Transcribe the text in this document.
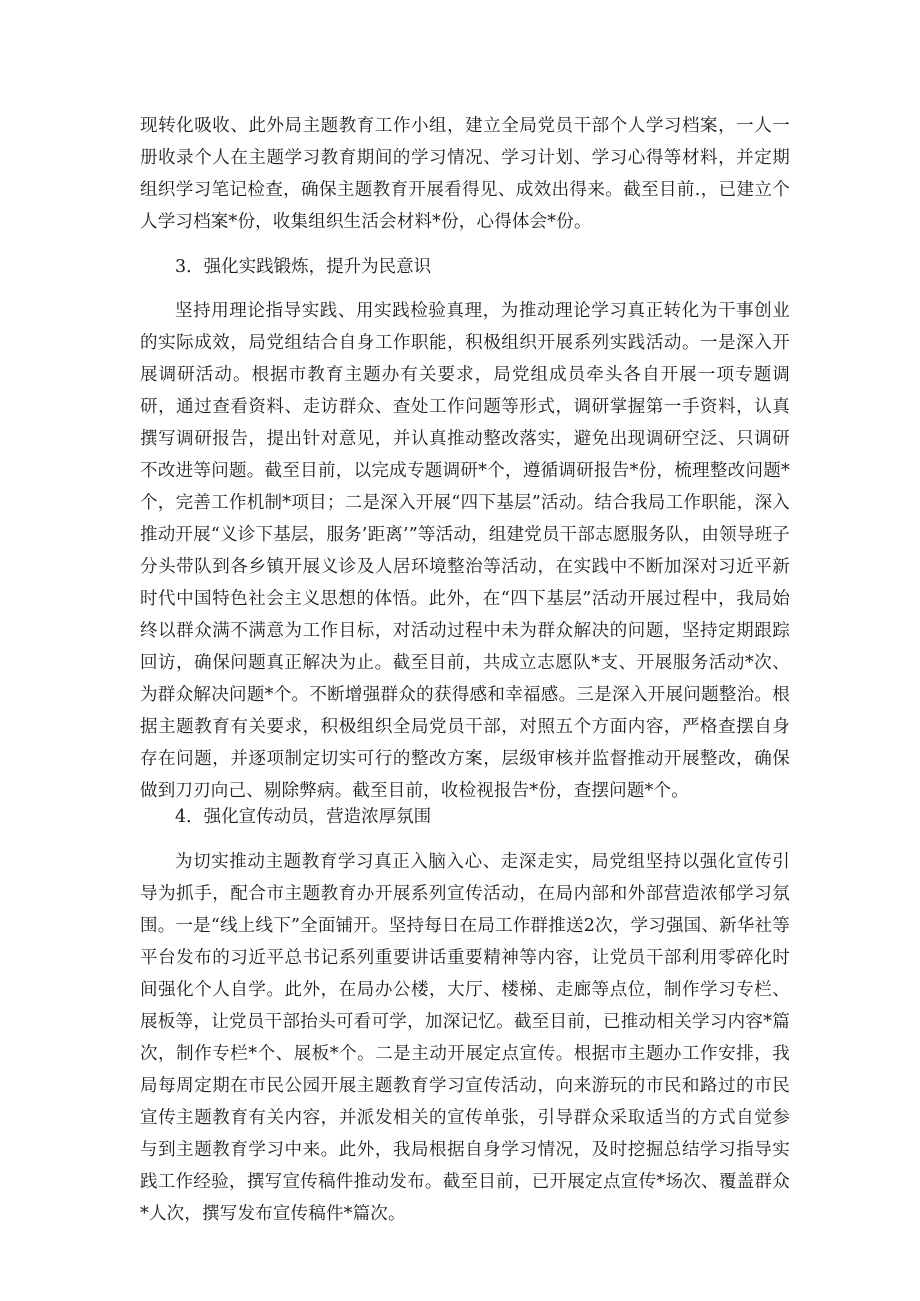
现转化吸收、此外局主题教育工作小组，建立全局党员干部个人学习档案，一人一册收录个人在主题学习教育期间的学习情况、学习计划、学习心得等材料，并定期组织学习笔记检查，确保主题教育开展看得见、成效出得来。截至目前.，已建立个人学习档案*份，收集组织生活会材料*份，心得体会*份。

3．强化实践锻炼，提升为民意识

坚持用理论指导实践、用实践检验真理，为推动理论学习真正转化为干事创业的实际成效，局党组结合自身工作职能，积极组织开展系列实践活动。一是深入开展调研活动。根据市教育主题办有关要求，局党组成员牵头各自开展一项专题调研，通过查看资料、走访群众、查处工作问题等形式，调研掌握第一手资料，认真撰写调研报告，提出针对意见，并认真推动整改落实，避免出现调研空泛、只调研不改进等问题。截至目前，以完成专题调研*个，遵循调研报告*份，梳理整改问题*个，完善工作机制*项目；二是深入开展“四下基层”活动。结合我局工作职能，深入推动开展“义诊下基层，服务’距离’”等活动，组建党员干部志愿服务队，由领导班子分头带队到各乡镇开展义诊及人居环境整治等活动，在实践中不断加深对习近平新时代中国特色社会主义思想的体悟。此外，在“四下基层”活动开展过程中，我局始终以群众满不满意为工作目标，对活动过程中未为群众解决的问题，坚持定期跟踪回访，确保问题真正解决为止。截至目前，共成立志愿队*支、开展服务活动*次、为群众解决问题*个。不断增强群众的获得感和幸福感。三是深入开展问题整治。根据主题教育有关要求，积极组织全局党员干部，对照五个方面内容，严格查摆自身存在问题，并逐项制定切实可行的整改方案，层级审核并监督推动开展整改，确保做到刀刃向己、剔除弊病。截至目前，收检视报告*份，查摆问题*个。

4．强化宣传动员，营造浓厚氛围

为切实推动主题教育学习真正入脑入心、走深走实，局党组坚持以强化宣传引导为抓手，配合市主题教育办开展系列宣传活动，在局内部和外部营造浓郁学习氛围。一是“线上线下”全面铺开。坚持每日在局工作群推送2次，学习强国、新华社等平台发布的习近平总书记系列重要讲话重要精神等内容，让党员干部利用零碎化时间强化个人自学。此外，在局办公楼，大厅、楼梯、走廊等点位，制作学习专栏、展板等，让党员干部抬头可看可学，加深记忆。截至目前，已推动相关学习内容*篇次，制作专栏*个、展板*个。二是主动开展定点宣传。根据市主题办工作安排，我局每周定期在市民公园开展主题教育学习宣传活动，向来游玩的市民和路过的市民宣传主题教育有关内容，并派发相关的宣传单张，引导群众采取适当的方式自觉参与到主题教育学习中来。此外，我局根据自身学习情况，及时挖掘总结学习指导实践工作经验，撰写宣传稿件推动发布。截至目前，已开展定点宣传*场次、覆盖群众*人次，撰写发布宣传稿件*篇次。
